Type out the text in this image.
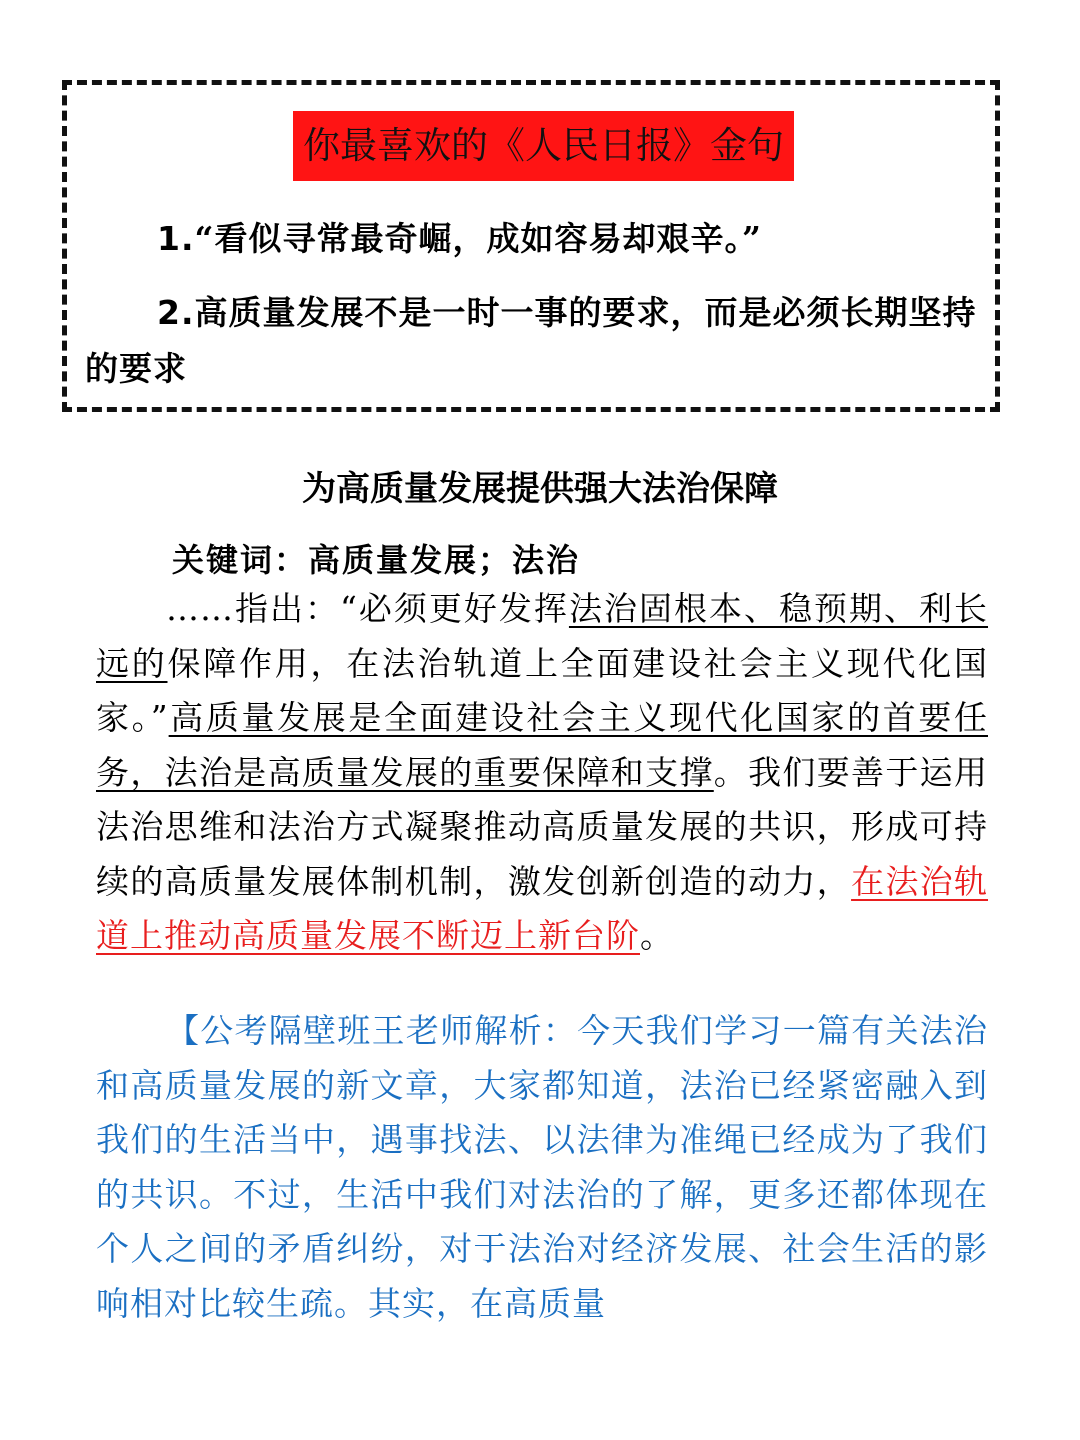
你最喜欢的《人民日报》金句
1.“看似寻常最奇崛，成如容易却艰辛。”
2.高质量发展不是一时一事的要求，而是必须长期坚持的要求
为高质量发展提供强大法治保障
关键词：高质量发展；法治
……指出：“必须更好发挥法治固根本、稳预期、利长远的保障作用，在法治轨道上全面建设社会主义现代化国家。”高质量发展是全面建设社会主义现代化国家的首要任务，法治是高质量发展的重要保障和支撑。我们要善于运用法治思维和法治方式凝聚推动高质量发展的共识，形成可持续的高质量发展体制机制，激发创新创造的动力，在法治轨道上推动高质量发展不断迈上新台阶。
【公考隔壁班王老师解析：今天我们学习一篇有关法治和高质量发展的新文章，大家都知道，法治已经紧密融入到我们的生活当中，遇事找法、以法律为准绳已经成为了我们的共识。不过，生活中我们对法治的了解，更多还都体现在个人之间的矛盾纠纷，对于法治对经济发展、社会生活的影响相对比较生疏。其实，在高质量
